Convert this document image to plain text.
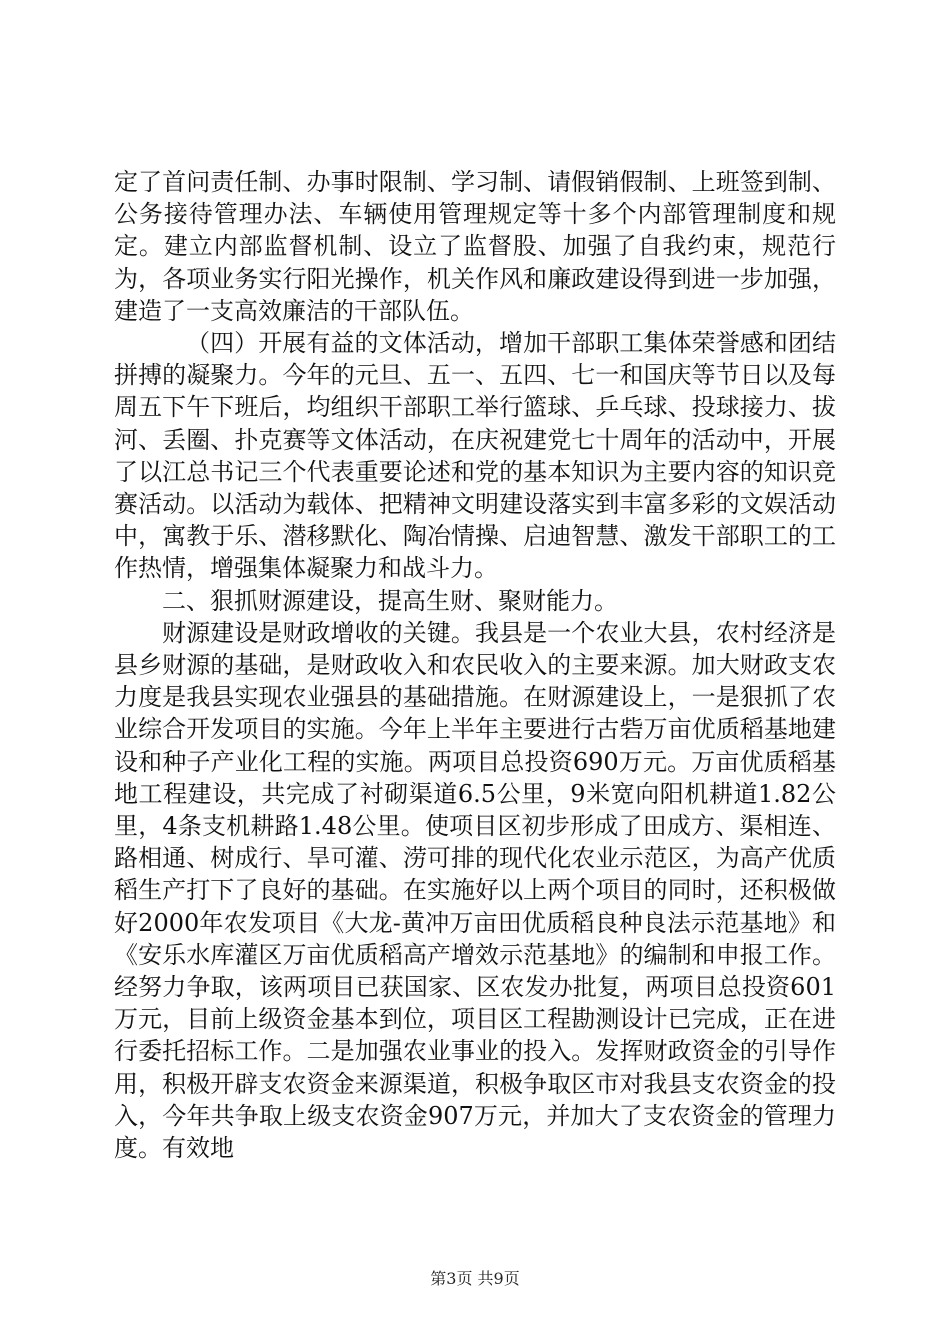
定了首问责任制、办事时限制、学习制、请假销假制、上班签到制、公务接待管理办法、车辆使用管理规定等十多个内部管理制度和规定。建立内部监督机制、设立了监督股、加强了自我约束，规范行为，各项业务实行阳光操作，机关作风和廉政建设得到进一步加强，建造了一支高效廉洁的干部队伍。

（四）开展有益的文体活动，增加干部职工集体荣誉感和团结拼搏的凝聚力。今年的元旦、五一、五四、七一和国庆等节日以及每周五下午下班后，均组织干部职工举行篮球、乒乓球、投球接力、拔河、丢圈、扑克赛等文体活动，在庆祝建党七十周年的活动中，开展了以江总书记三个代表重要论述和党的基本知识为主要内容的知识竞赛活动。以活动为载体、把精神文明建设落实到丰富多彩的文娱活动中，寓教于乐、潜移默化、陶冶情操、启迪智慧、激发干部职工的工作热情，增强集体凝聚力和战斗力。

二、狠抓财源建设，提高生财、聚财能力。

财源建设是财政增收的关键。我县是一个农业大县，农村经济是县乡财源的基础，是财政收入和农民收入的主要来源。加大财政支农力度是我县实现农业强县的基础措施。在财源建设上，一是狠抓了农业综合开发项目的实施。今年上半年主要进行古砦万亩优质稻基地建设和种子产业化工程的实施。两项目总投资690万元。万亩优质稻基地工程建设，共完成了衬砌渠道6.5公里，9米宽向阳机耕道1.82公里，4条支机耕路1.48公里。使项目区初步形成了田成方、渠相连、路相通、树成行、旱可灌、涝可排的现代化农业示范区，为高产优质稻生产打下了良好的基础。在实施好以上两个项目的同时，还积极做好2000年农发项目《大龙-黄冲万亩田优质稻良种良法示范基地》和《安乐水库灌区万亩优质稻高产增效示范基地》的编制和申报工作。经努力争取，该两项目已获国家、区农发办批复，两项目总投资601万元，目前上级资金基本到位，项目区工程勘测设计已完成，正在进行委托招标工作。二是加强农业事业的投入。发挥财政资金的引导作用，积极开辟支农资金来源渠道，积极争取区市对我县支农资金的投入，今年共争取上级支农资金907万元，并加大了支农资金的管理力度。有效地

第3页 共9页
